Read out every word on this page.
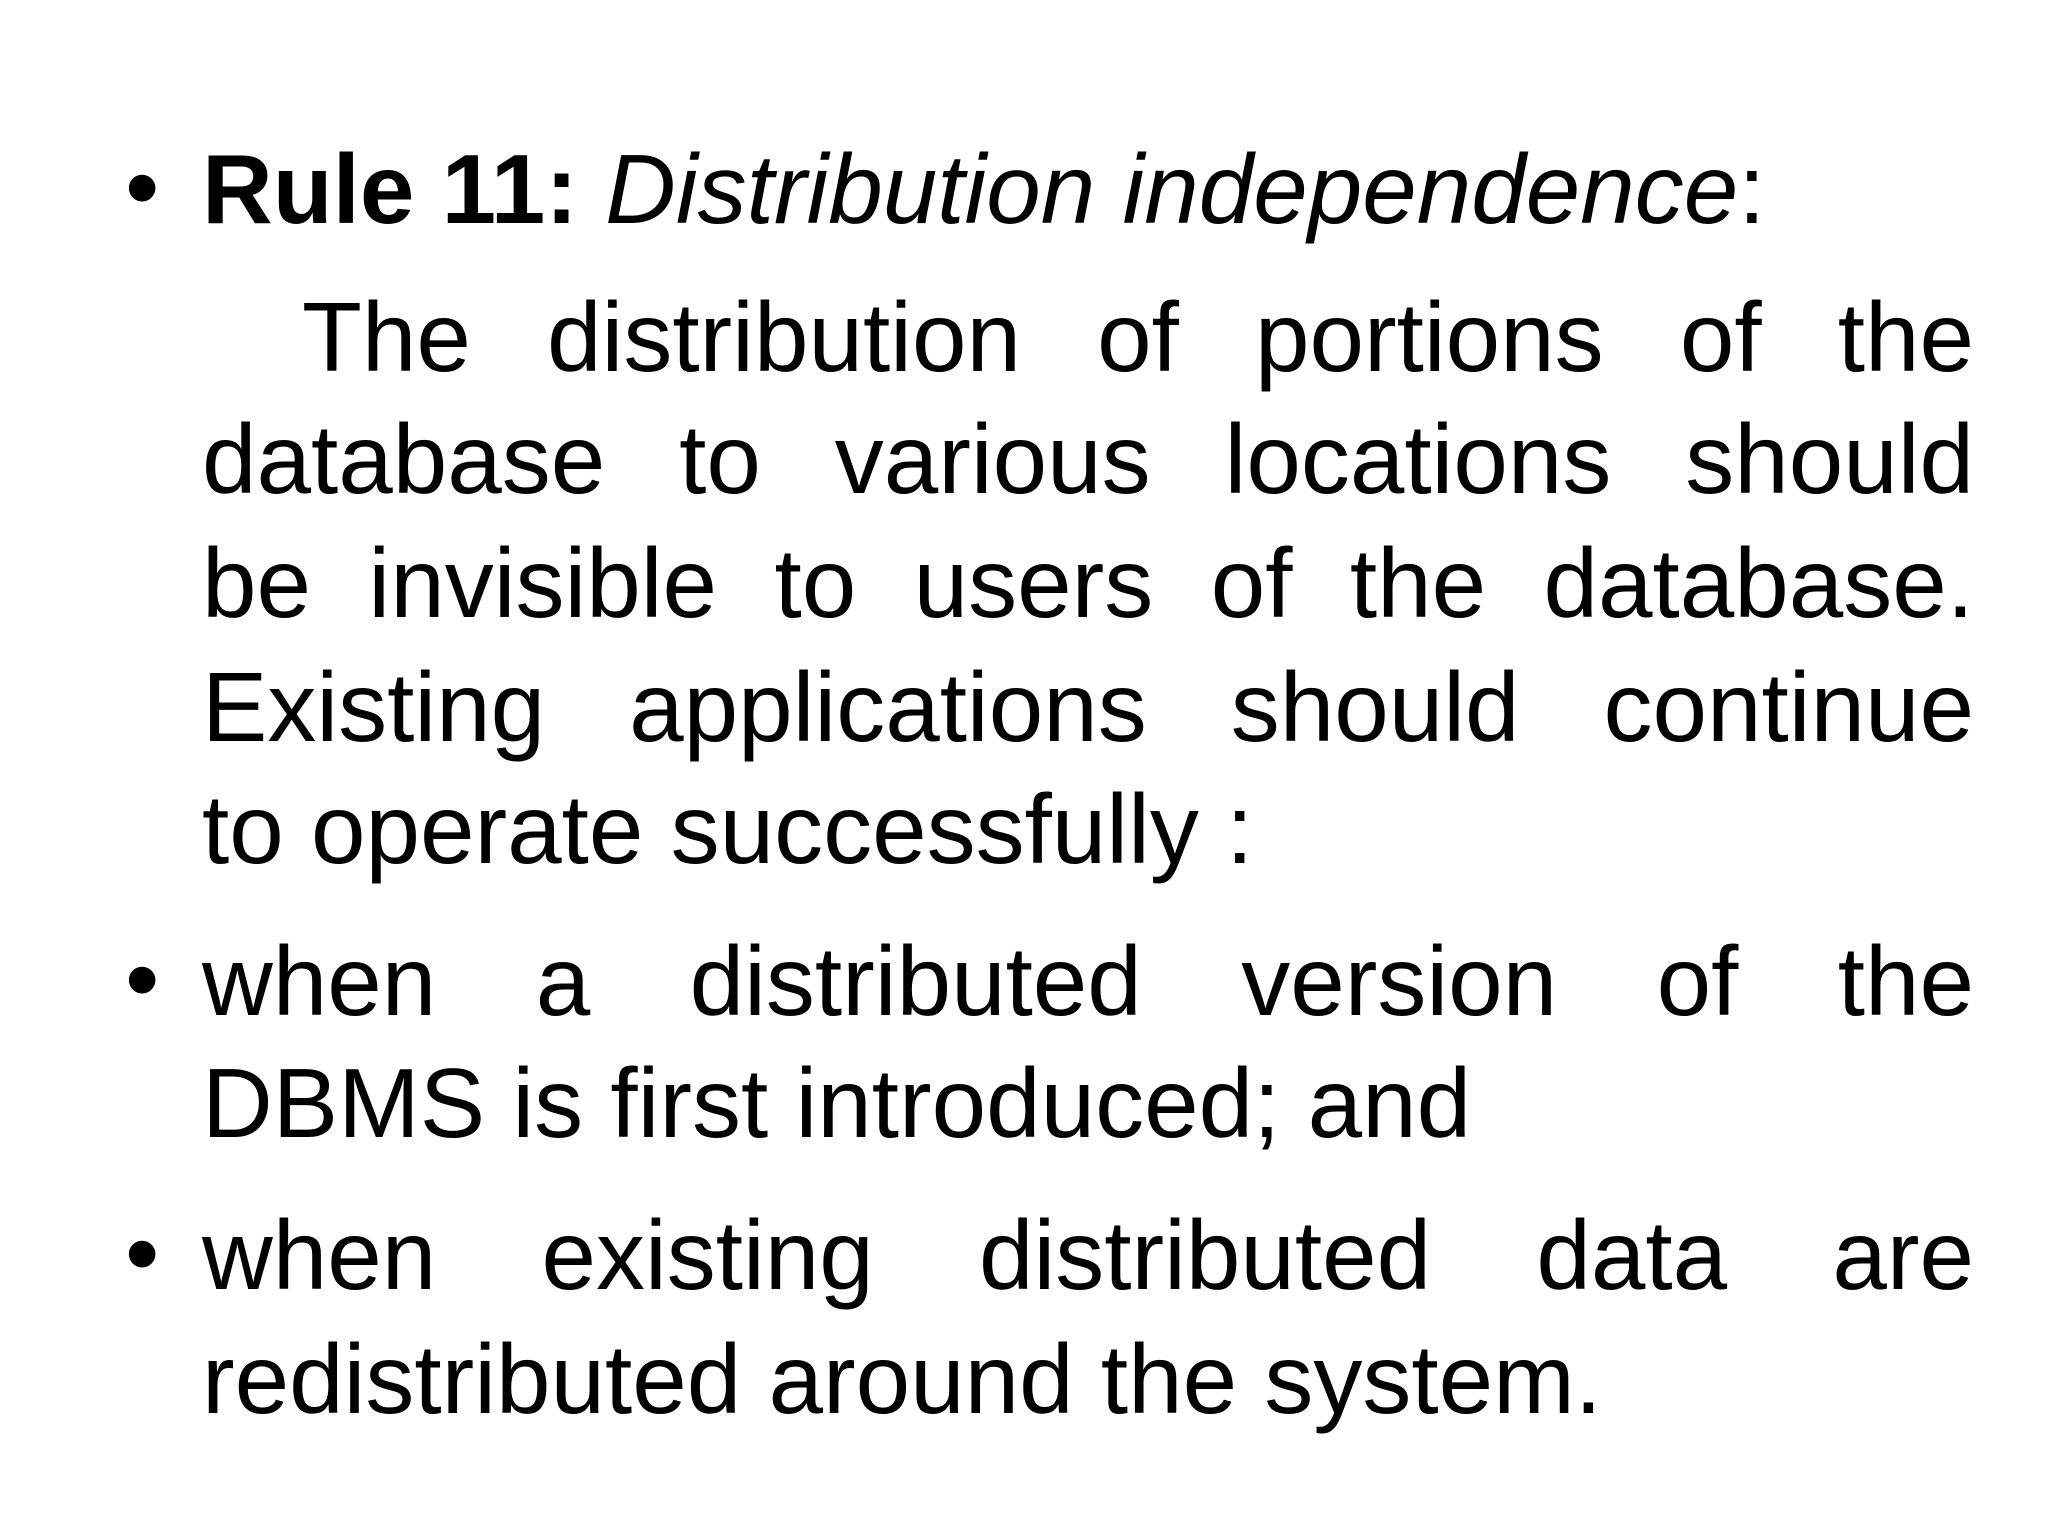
• Rule 11: Distribution independence:
The distribution of portions of the
database to various locations should
be invisible to users of the database.
Existing applications should continue
to operate successfully :
• when a distributed version of the
DBMS is first introduced; and
• when existing distributed data are
redistributed around the system.
